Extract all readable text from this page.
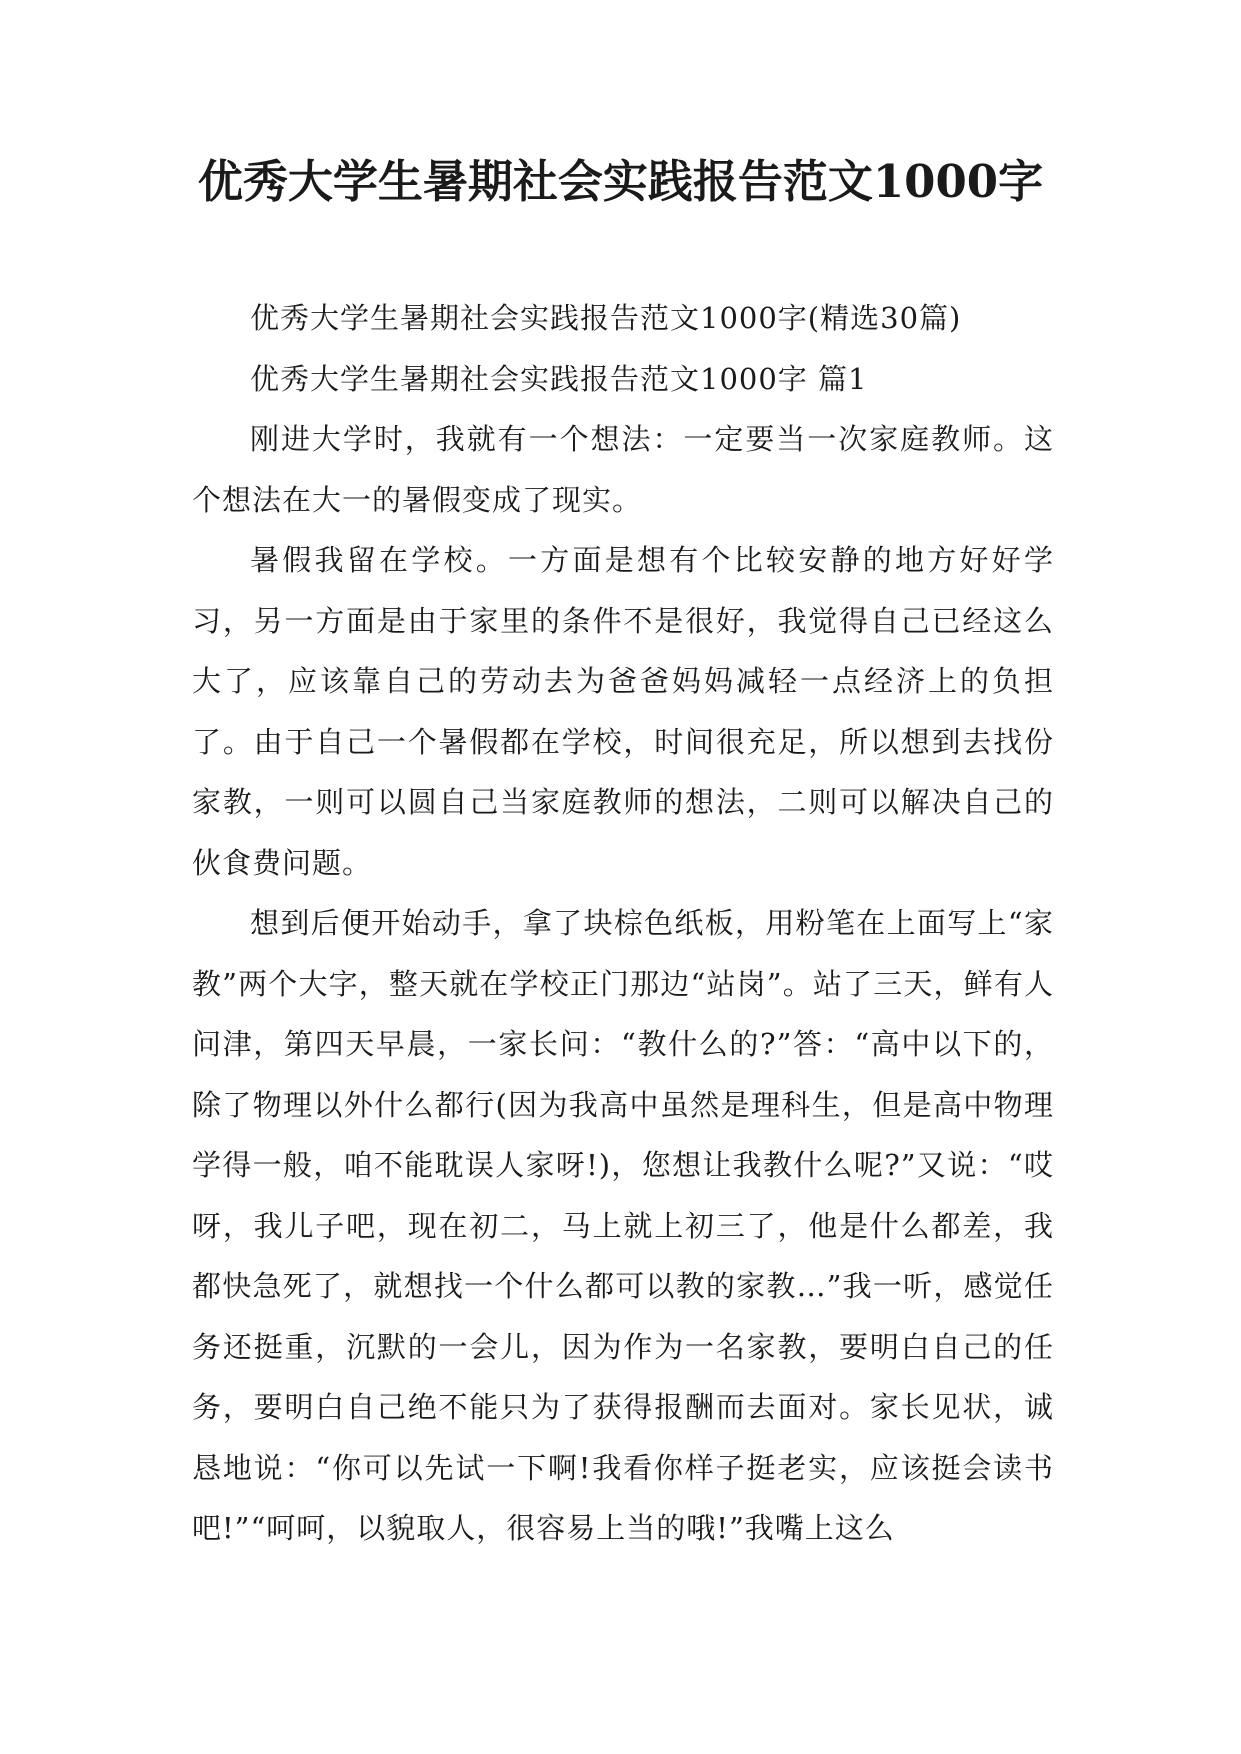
优秀大学生暑期社会实践报告范文1000字

优秀大学生暑期社会实践报告范文1000字(精选30篇)

优秀大学生暑期社会实践报告范文1000字 篇1

刚进大学时，我就有一个想法：一定要当一次家庭教师。这个想法在大一的暑假变成了现实。

暑假我留在学校。一方面是想有个比较安静的地方好好学习，另一方面是由于家里的条件不是很好，我觉得自己已经这么大了，应该靠自己的劳动去为爸爸妈妈减轻一点经济上的负担了。由于自己一个暑假都在学校，时间很充足，所以想到去找份家教，一则可以圆自己当家庭教师的想法，二则可以解决自己的伙食费问题。

想到后便开始动手，拿了块棕色纸板，用粉笔在上面写上“家教”两个大字，整天就在学校正门那边“站岗”。站了三天，鲜有人问津，第四天早晨，一家长问：“教什么的?”答：“高中以下的，除了物理以外什么都行(因为我高中虽然是理科生，但是高中物理学得一般，咱不能耽误人家呀!)，您想让我教什么呢?”又说：“哎呀，我儿子吧，现在初二，马上就上初三了，他是什么都差，我都快急死了，就想找一个什么都可以教的家教…”我一听，感觉任务还挺重，沉默的一会儿，因为作为一名家教，要明白自己的任务，要明白自己绝不能只为了获得报酬而去面对。家长见状，诚恳地说：“你可以先试一下啊!我看你样子挺老实，应该挺会读书吧!”“呵呵，以貌取人，很容易上当的哦!”我嘴上这么
